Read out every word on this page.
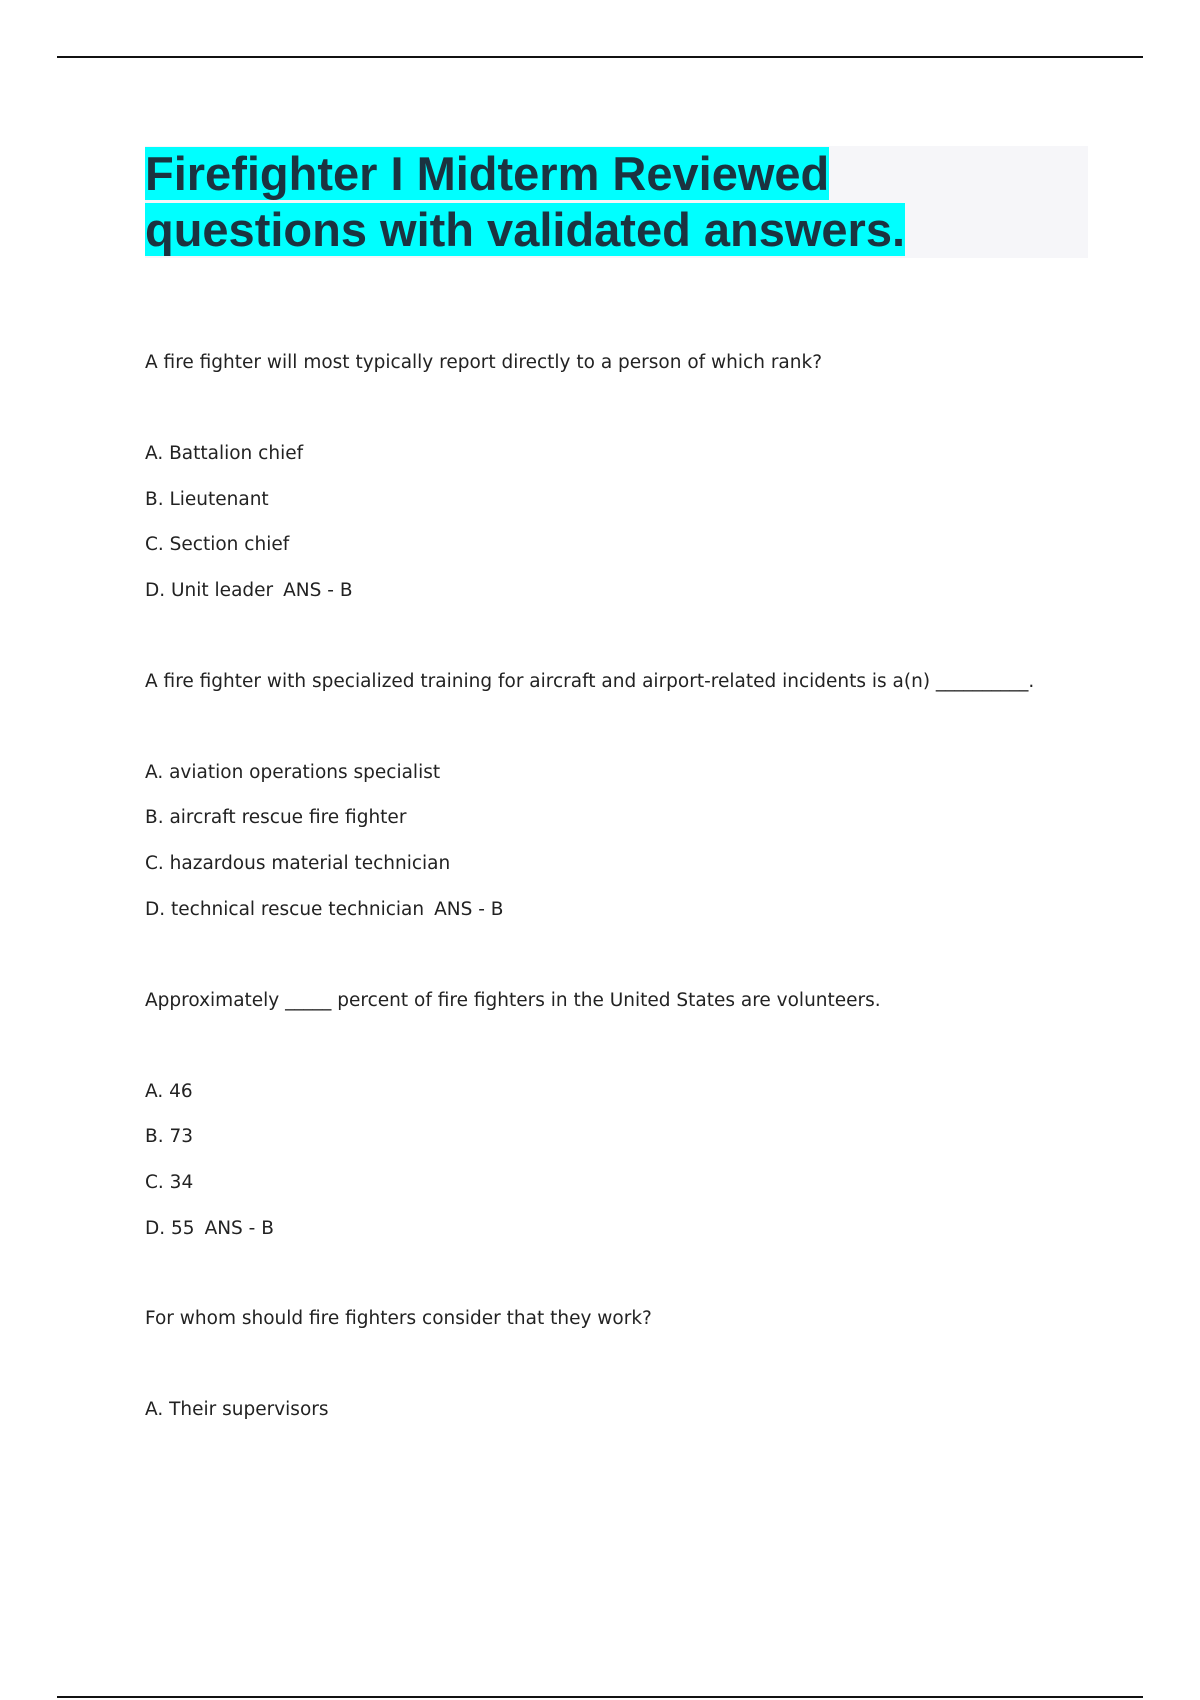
Firefighter I Midterm Reviewed
questions with validated answers.
A fire fighter will most typically report directly to a person of which rank?
A. Battalion chief
B. Lieutenant
C. Section chief
D. Unit leader ANS - B
A fire fighter with specialized training for aircraft and airport-related incidents is a(n) __________.
A. aviation operations specialist
B. aircraft rescue fire fighter
C. hazardous material technician
D. technical rescue technician ANS - B
Approximately _____ percent of fire fighters in the United States are volunteers.
A. 46
B. 73
C. 34
D. 55 ANS - B
For whom should fire fighters consider that they work?
A. Their supervisors
